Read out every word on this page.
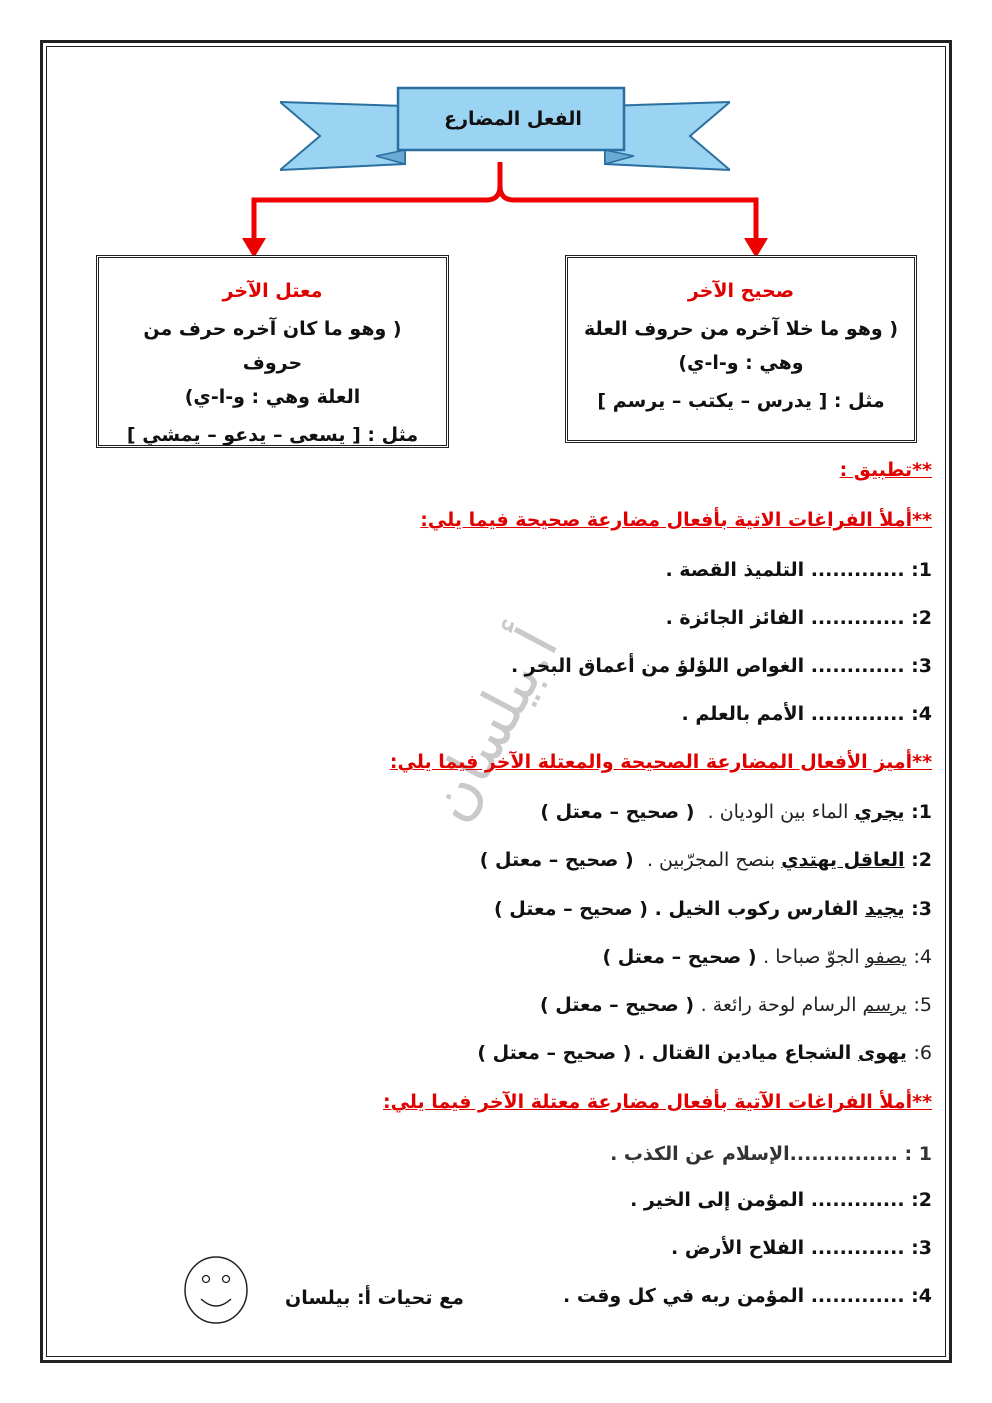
الفعل المضارع
صحيح الآخر
( وهو ما خلا آخره من حروف العلة
وهي : و-ا-ي)
مثل : [ يدرس – يكتب – يرسم ]
معتل الآخر
( وهو ما كان آخره حرف من حروف
العلة وهي : و-ا-ي)
مثل : [ يسعى – يدعو – يمشي ]
أ.بيلسان
**تطبيق :
**أملأ الفراغات الاتية بأفعال مضارعة صحيحة فيما يلي:
1: ............. التلميذ القصة .
2: ............. الفائز الجائزة .
3: ............. الغواص اللؤلؤ من أعماق البحر .
4: ............. الأمم بالعلم .
**أميز الأفعال المضارعة الصحيحة والمعتلة الآخر فيما يلي:
1: يجري الماء بين الوديان .  ( صحيح – معتل )
2: العاقل يهتدي بنصح المجرّبين .  ( صحيح – معتل )
3: يجيد الفارس ركوب الخيل . ( صحيح – معتل )
4: يصفو الجوّ صباحا . ( صحيح – معتل )
5: يرسم الرسام لوحة رائعة . ( صحيح – معتل )
6: يهوى الشجاع ميادين القتال . ( صحيح – معتل )
**أملأ الفراغات الآتية بأفعال مضارعة معتلة الآخر فيما يلي:
1 : ...............الإسلام عن الكذب .
2: ............. المؤمن إلى الخير .
3: ............. الفلاح الأرض .
4: ............. المؤمن ربه في كل وقت .
مع تحيات أ: بيلسان
